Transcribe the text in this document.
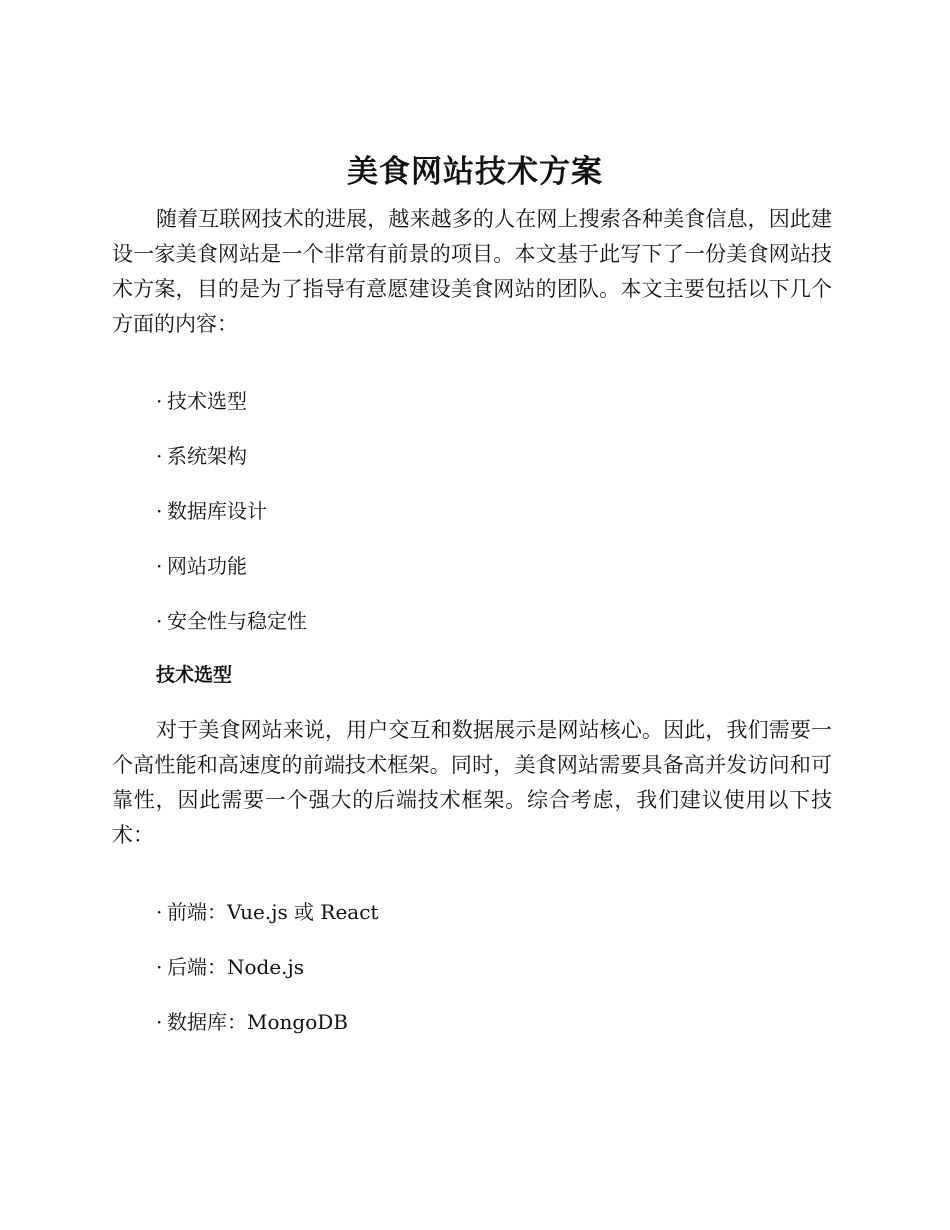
美食网站技术方案

随着互联网技术的进展，越来越多的人在网上搜索各种美食信息，因此建设一家美食网站是一个非常有前景的项目。本文基于此写下了一份美食网站技术方案，目的是为了指导有意愿建设美食网站的团队。本文主要包括以下几个方面的内容：

· 技术选型
· 系统架构
· 数据库设计
· 网站功能
· 安全性与稳定性
技术选型

对于美食网站来说，用户交互和数据展示是网站核心。因此，我们需要一个高性能和高速度的前端技术框架。同时，美食网站需要具备高并发访问和可靠性，因此需要一个强大的后端技术框架。综合考虑，我们建议使用以下技术：

· 前端：Vue.js 或 React
· 后端：Node.js
· 数据库：MongoDB
